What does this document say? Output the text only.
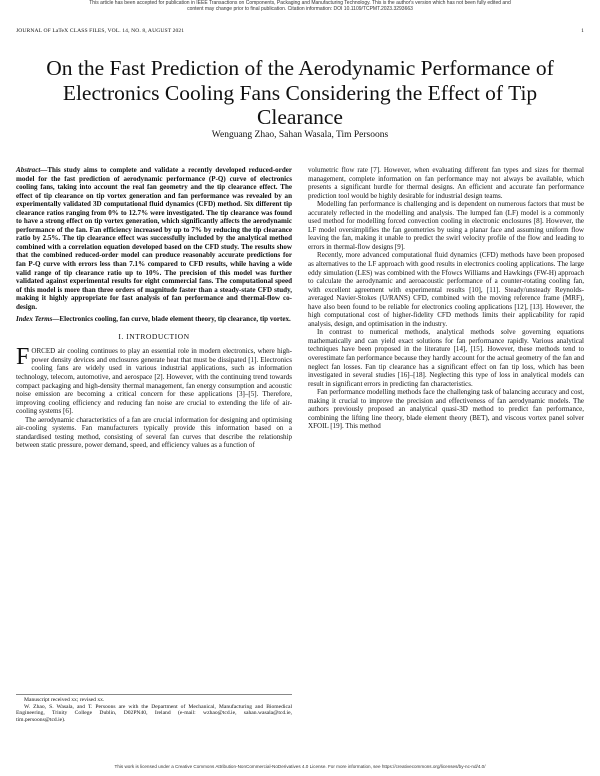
This article has been accepted for publication in IEEE Transactions on Components, Packaging and Manufacturing Technology. This is the author's version which has not been fully edited and
content may change prior to final publication. Citation information: DOI 10.1109/TCPMT.2023.3293663
JOURNAL OF LaTeX CLASS FILES, VOL. 14, NO. 8, AUGUST 2021	1
On the Fast Prediction of the Aerodynamic Performance of Electronics Cooling Fans Considering the Effect of Tip Clearance
Wenguang Zhao, Sahan Wasala, Tim Persoons

Abstract—This study aims to complete and validate a recently developed reduced-order model for the fast prediction of aerodynamic performance (P-Q) curve of electronics cooling fans, taking into account the real fan geometry and the tip clearance effect. The effect of tip clearance on tip vortex generation and fan performance was revealed by an experimentally validated 3D computational fluid dynamics (CFD) method. Six different tip clearance ratios ranging from 0% to 12.7% were investigated. The tip clearance was found to have a strong effect on tip vortex generation, which significantly affects the aerodynamic performance of the fan. Fan efficiency increased by up to 7% by reducing the tip clearance ratio by 2.5%. The tip clearance effect was successfully included by the analytical method combined with a correlation equation developed based on the CFD study. The results show that the combined reduced-order model can produce reasonably accurate predictions for fan P-Q curve with errors less than 7.1% compared to CFD results, while having a wide valid range of tip clearance ratio up to 10%. The precision of this model was further validated against experimental results for eight commercial fans. The computational speed of this model is more than three orders of magnitude faster than a steady-state CFD study, making it highly appropriate for fast analysis of fan performance and thermal-flow co-design.

Index Terms—Electronics cooling, fan curve, blade element theory, tip clearance, tip vortex.

I. INTRODUCTION

FORCED air cooling continues to play an essential role in modern electronics, where high-power density devices and enclosures generate heat that must be dissipated [1]. Electronics cooling fans are widely used in various industrial applications, such as information technology, telecom, automotive, and aerospace [2]. However, with the continuing trend towards compact packaging and high-density thermal management, fan energy consumption and acoustic noise emission are becoming a critical concern for these applications [3]–[5]. Therefore, improving cooling efficiency and reducing fan noise are crucial to extending the life of air-cooling systems [6].

The aerodynamic characteristics of a fan are crucial information for designing and optimising air-cooling systems. Fan manufacturers typically provide this information based on a standardised testing method, consisting of several fan curves that describe the relationship between static pressure, power demand, speed, and efficiency values as a function of

Manuscript received xx; revised xx.

W. Zhao, S. Wasala, and T. Persoons are with the Department of Mechanical, Manufacturing and Biomedical Engineering, Trinity College Dublin, D02PN40, Ireland (e-mail: wzhao@tcd.ie, sahan.wasala@tcd.ie, tim.persoons@tcd.ie).

volumetric flow rate [7]. However, when evaluating different fan types and sizes for thermal management, complete information on fan performance may not always be available, which presents a significant hurdle for thermal designs. An efficient and accurate fan performance prediction tool would be highly desirable for industrial design teams.

Modelling fan performance is challenging and is dependent on numerous factors that must be accurately reflected in the modelling and analysis. The lumped fan (LF) model is a commonly used method for modelling forced convection cooling in electronic enclosures [8]. However, the LF model oversimplifies the fan geometries by using a planar face and assuming uniform flow leaving the fan, making it unable to predict the swirl velocity profile of the flow and leading to errors in thermal-flow designs [9].

Recently, more advanced computational fluid dynamics (CFD) methods have been proposed as alternatives to the LF approach with good results in electronics cooling applications. The large eddy simulation (LES) was combined with the Ffowcs Williams and Hawkings (FW-H) approach to calculate the aerodynamic and aeroacoustic performance of a counter-rotating cooling fan, with excellent agreement with experimental results [10], [11]. Steady/unsteady Reynolds-averaged Navier-Stokes (U/RANS) CFD, combined with the moving reference frame (MRF), have also been found to be reliable for electronics cooling applications [12], [13]. However, the high computational cost of higher-fidelity CFD methods limits their applicability for rapid analysis, design, and optimisation in the industry.

In contrast to numerical methods, analytical methods solve governing equations mathematically and can yield exact solutions for fan performance rapidly. Various analytical techniques have been proposed in the literature [14], [15]. However, these methods tend to overestimate fan performance because they hardly account for the actual geometry of the fan and neglect fan losses. Fan tip clearance has a significant effect on fan tip loss, which has been investigated in several studies [16]–[18]. Neglecting this type of loss in analytical models can result in significant errors in predicting fan characteristics.

Fan performance modelling methods face the challenging task of balancing accuracy and cost, making it crucial to improve the precision and effectiveness of fan aerodynamic models. The authors previously proposed an analytical quasi-3D method to predict fan performance, combining the lifting line theory, blade element theory (BET), and viscous vortex panel solver XFOIL [19]. This method

This work is licensed under a Creative Commons Attribution-NonCommercial-NoDerivatives 4.0 License. For more information, see https://creativecommons.org/licenses/by-nc-nd/4.0/
